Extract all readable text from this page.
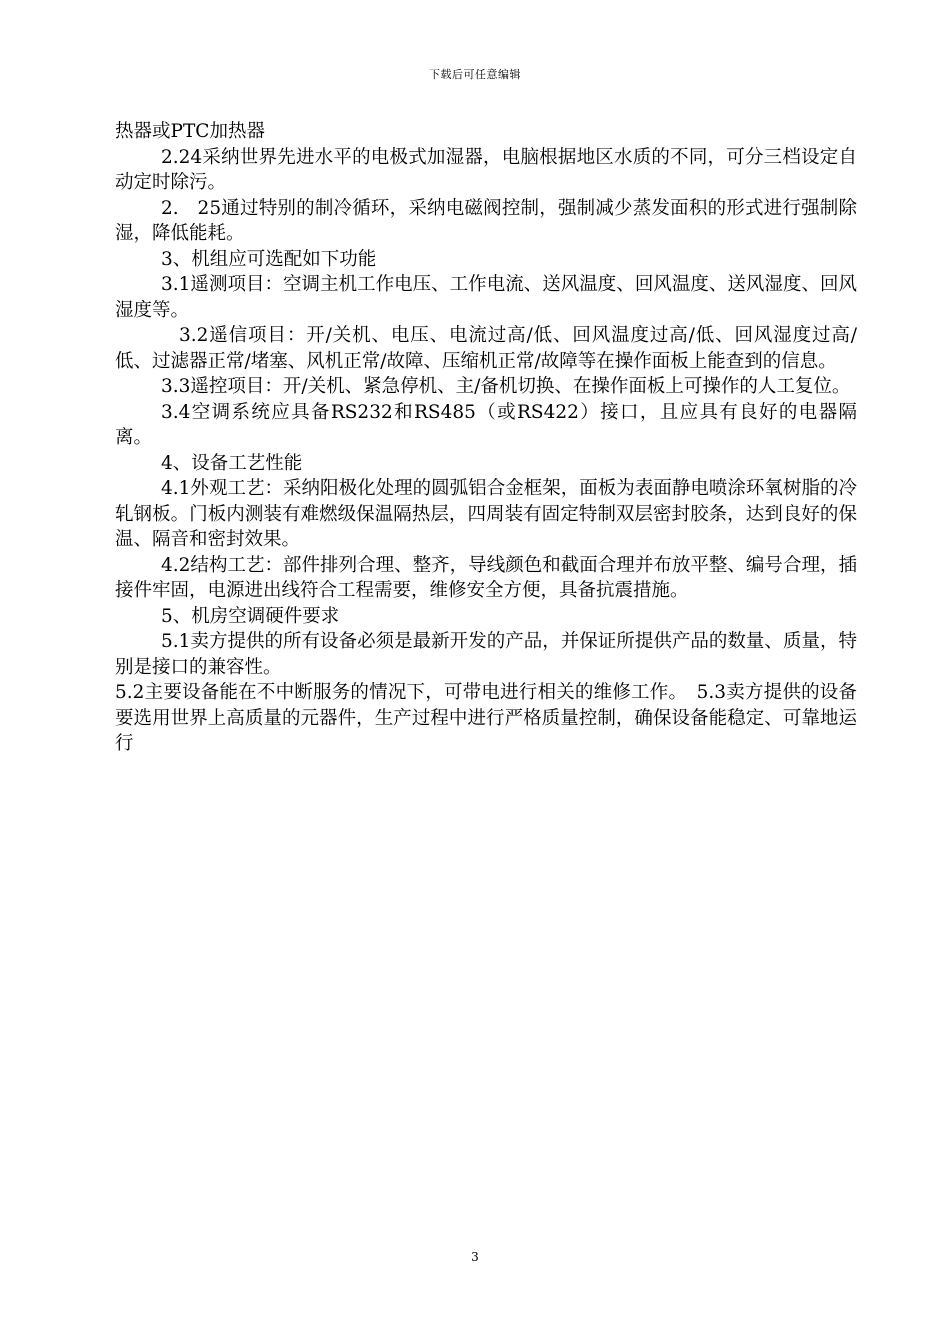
下载后可任意编辑

热器或PTC加热器

2.24采纳世界先进水平的电极式加湿器，电脑根据地区水质的不同，可分三档设定自动定时除污。

2.　25通过特别的制冷循环，采纳电磁阀控制，强制减少蒸发面积的形式进行强制除湿，降低能耗。

3、机组应可选配如下功能

3.1遥测项目：空调主机工作电压、工作电流、送风温度、回风温度、送风湿度、回风湿度等。

3.2遥信项目：开/关机、电压、电流过高/低、回风温度过高/低、回风湿度过高/低、过滤器正常/堵塞、风机正常/故障、压缩机正常/故障等在操作面板上能查到的信息。

3.3遥控项目：开/关机、紧急停机、主/备机切换、在操作面板上可操作的人工复位。

3.4空调系统应具备RS232和RS485（或RS422）接口，且应具有良好的电器隔离。

4、设备工艺性能

4.1外观工艺：采纳阳极化处理的圆弧铝合金框架，面板为表面静电喷涂环氧树脂的冷轧钢板。门板内测装有难燃级保温隔热层，四周装有固定特制双层密封胶条，达到良好的保温、隔音和密封效果。

4.2结构工艺：部件排列合理、整齐，导线颜色和截面合理并布放平整、编号合理，插接件牢固，电源进出线符合工程需要，维修安全方便，具备抗震措施。

5、机房空调硬件要求

5.1卖方提供的所有设备必须是最新开发的产品，并保证所提供产品的数量、质量，特别是接口的兼容性。

5.2主要设备能在不中断服务的情况下，可带电进行相关的维修工作。　5.3卖方提供的设备要选用世界上高质量的元器件，生产过程中进行严格质量控制，确保设备能稳定、可靠地运行

3
